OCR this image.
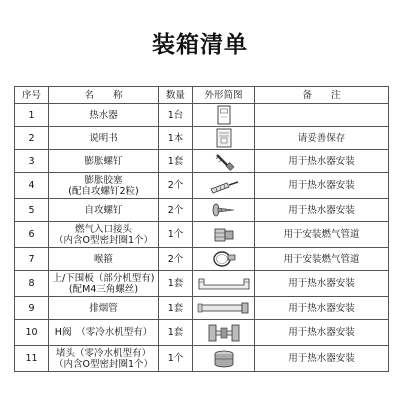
装箱清单
序号	名　　称	数量	外形简图	备　　注
1	热水器	1台	

2	说明书	1本		请妥善保存
3	膨胀螺钉	1套		用于热水器安装
4	膨胀胶塞
(配自攻螺钉2粒)	2个		用于热水器安装
5	自攻螺钉	2个		用于热水器安装
6	燃气入口接头
（内含O型密封圈1个）	1个		用于安装燃气管道
7	喉箍	2个		用于安装燃气管道
8	上/下围板（部分机型有)
(配M4三角螺丝)	1套		用于热水器安装
9	排烟管	1套		用于热水器安装
10	H阀　（零冷水机型有）	1套		用于热水器安装
11	堵头（零冷水机型有）
（内含O型密封圈1个）	1个		用于热水器安装
